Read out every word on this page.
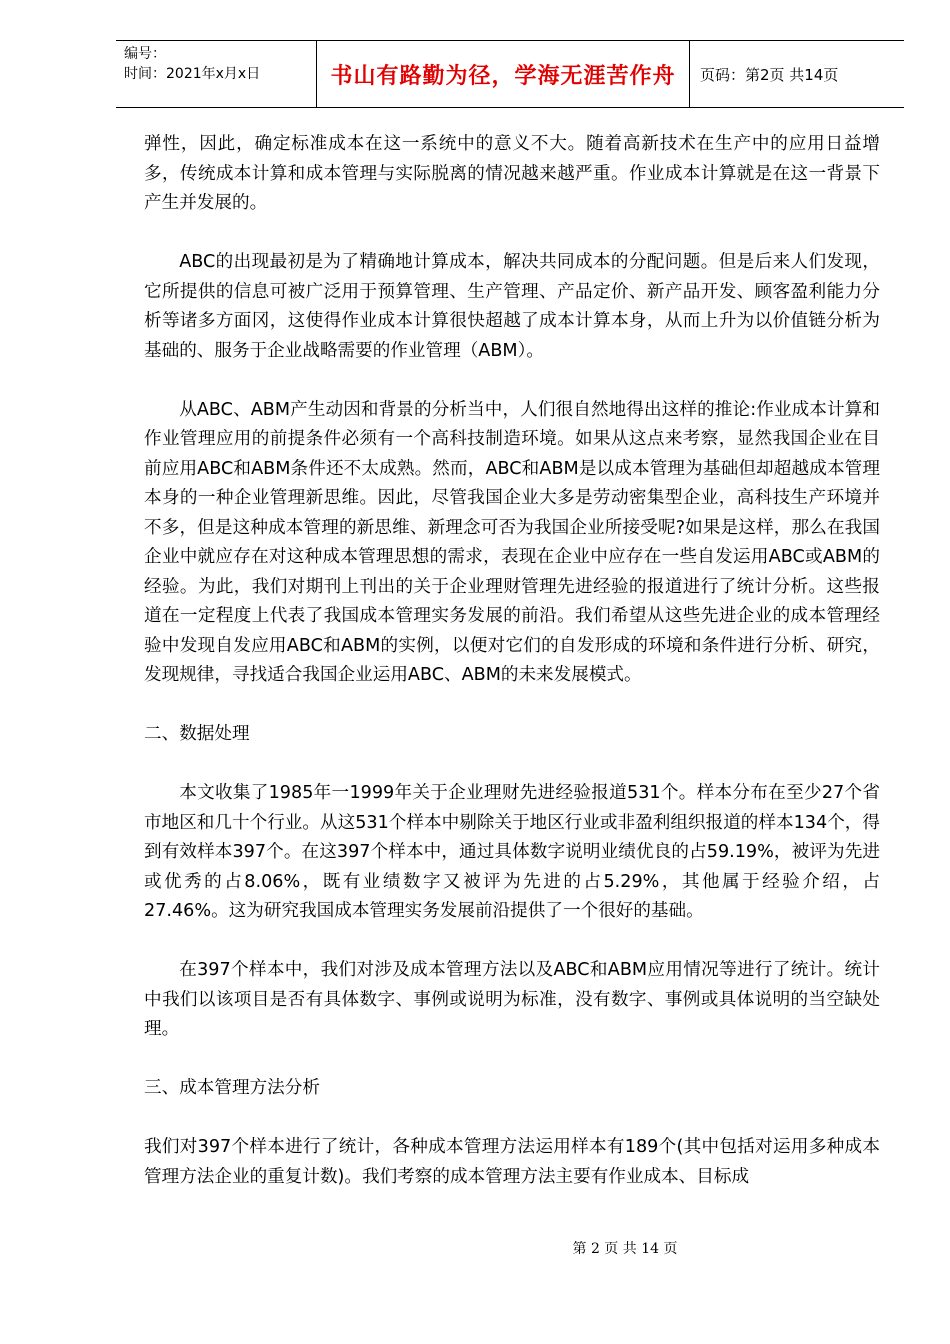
编号：
时间：2021年x月x日	书山有路勤为径，学海无涯苦作舟 页码：第2页 共14页

弹性，因此，确定标准成本在这一系统中的意义不大。随着高新技术在生产中的应用日益增多，传统成本计算和成本管理与实际脱离的情况越来越严重。作业成本计算就是在这一背景下产生并发展的。

ABC的出现最初是为了精确地计算成本，解决共同成本的分配问题。但是后来人们发现，它所提供的信息可被广泛用于预算管理、生产管理、产品定价、新产品开发、顾客盈利能力分析等诸多方面冈，这使得作业成本计算很快超越了成本计算本身，从而上升为以价值链分析为基础的、服务于企业战略需要的作业管理（ABM）。

从ABC、ABM产生动因和背景的分析当中，人们很自然地得出这样的推论:作业成本计算和作业管理应用的前提条件必须有一个高科技制造环境。如果从这点来考察，显然我国企业在目前应用ABC和ABM条件还不太成熟。然而，ABC和ABM是以成本管理为基础但却超越成本管理本身的一种企业管理新思维。因此，尽管我国企业大多是劳动密集型企业，高科技生产环境并不多，但是这种成本管理的新思维、新理念可否为我国企业所接受呢?如果是这样，那么在我国企业中就应存在对这种成本管理思想的需求，表现在企业中应存在一些自发运用ABC或ABM的经验。为此，我们对期刊上刊出的关于企业理财管理先进经验的报道进行了统计分析。这些报道在一定程度上代表了我国成本管理实务发展的前沿。我们希望从这些先进企业的成本管理经验中发现自发应用ABC和ABM的实例，以便对它们的自发形成的环境和条件进行分析、研究，发现规律，寻找适合我国企业运用ABC、ABM的未来发展模式。

二、数据处理

本文收集了1985年一1999年关于企业理财先进经验报道531个。样本分布在至少27个省市地区和几十个行业。从这531个样本中剔除关于地区行业或非盈利组织报道的样本134个，得到有效样本397个。在这397个样本中，通过具体数字说明业绩优良的占59.19%，被评为先进或优秀的占8.06%，既有业绩数字又被评为先进的占5.29%，其他属于经验介绍，占27.46%。这为研究我国成本管理实务发展前沿提供了一个很好的基础。

在397个样本中，我们对涉及成本管理方法以及ABC和ABM应用情况等进行了统计。统计中我们以该项目是否有具体数字、事例或说明为标准，没有数字、事例或具体说明的当空缺处理。

三、成本管理方法分析

我们对397个样本进行了统计，各种成本管理方法运用样本有189个(其中包括对运用多种成本管理方法企业的重复计数)。我们考察的成本管理方法主要有作业成本、目标成

第 2 页 共 14 页
